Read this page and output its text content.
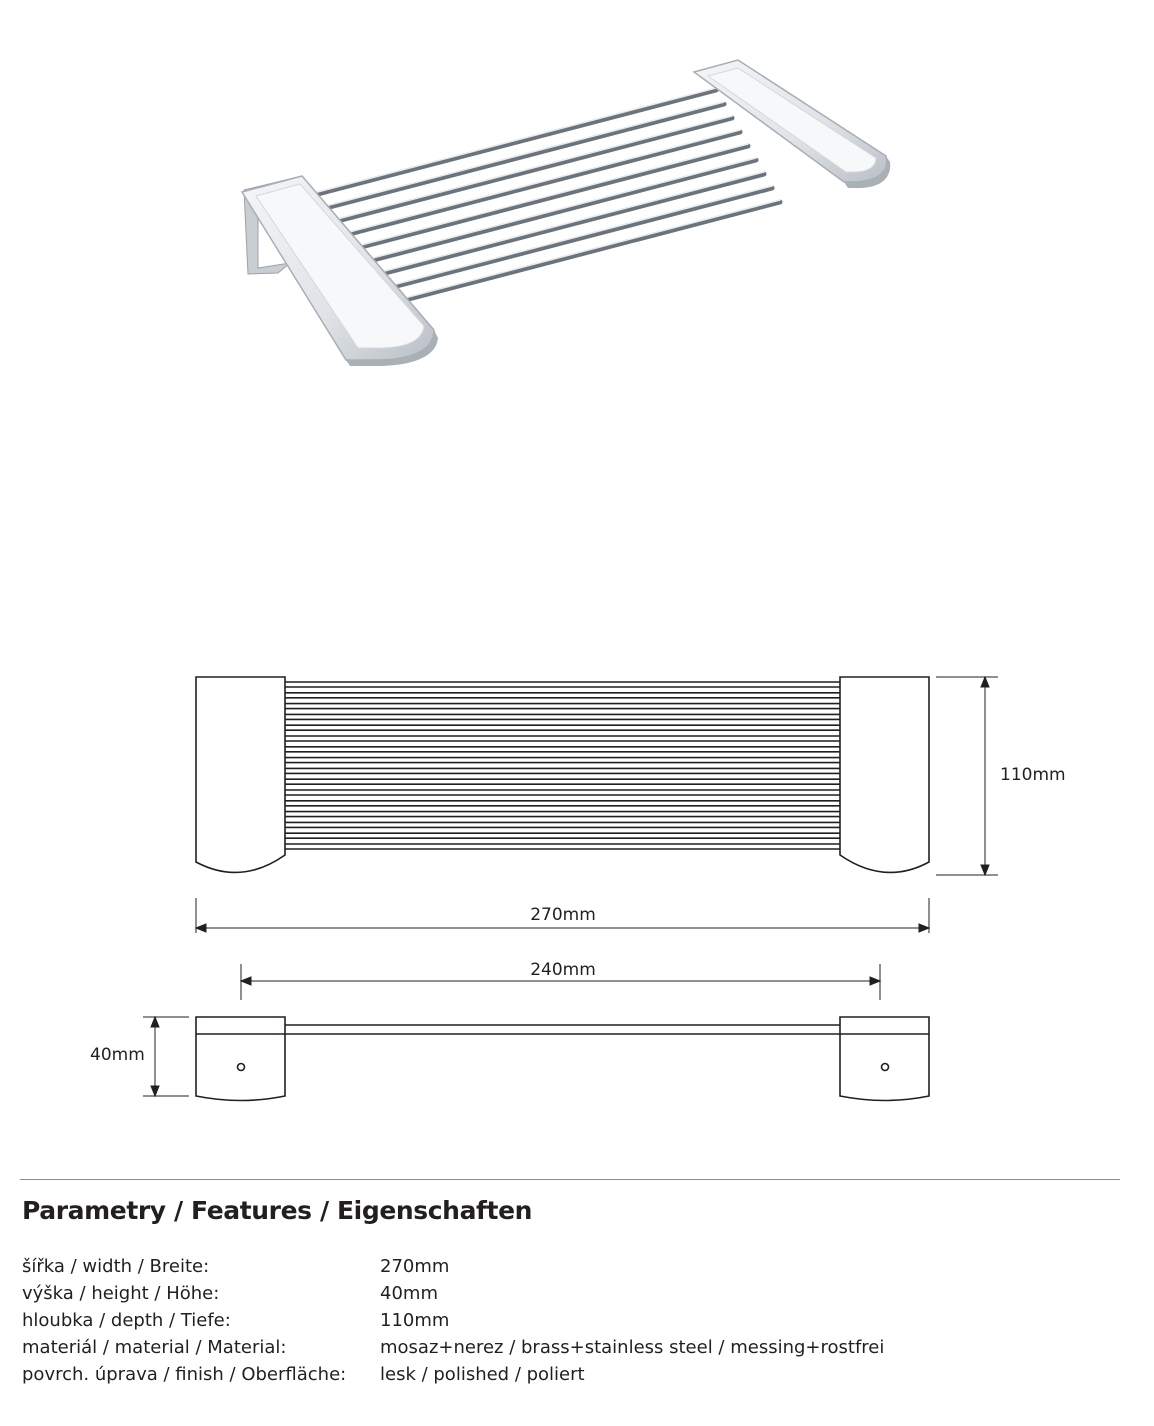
110mm
270mm
240mm
40mm
Parametry / Features / Eigenschaften
šířka / width / Breite:	270mm
výška / height / Höhe:	40mm
hloubka / depth / Tiefe:	110mm
materiál / material / Material:	mosaz+nerez / brass+stainless steel / messing+rostfrei
povrch. úprava / finish / Oberfläche:	lesk / polished / poliert
